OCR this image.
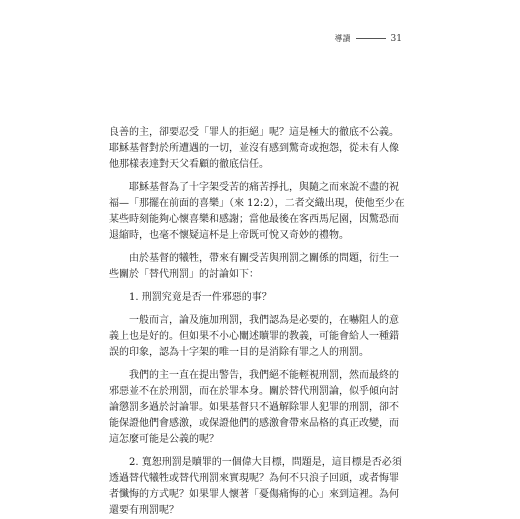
導讀	31

良善的主，卻要忍受「罪人的拒絕」呢？這是極大的徹底不公義。
耶穌基督對於所遭遇的一切，並沒有感到驚奇或抱怨，從未有人像
他那樣表達對天父看顧的徹底信任。

耶穌基督為了十字架受苦的痛苦掙扎，與隨之而來說不盡的祝
福—「那擺在前面的喜樂」（來 12:2），二者交織出現，使他至少在
某些時刻能夠心懷喜樂和感謝；當他最後在客西馬尼園，因驚恐而
退縮時，也毫不懷疑這杯是上帝既可悅又奇妙的禮物。

由於基督的犧牲，帶來有關受苦與刑罰之關係的問題，衍生一
些關於「替代刑罰」的討論如下：

1. 刑罰究竟是否一件邪惡的事？

一般而言，論及施加刑罰，我們認為是必要的，在嚇阻人的意
義上也是好的。但如果不小心闡述贖罪的教義，可能會給人一種錯
誤的印象，認為十字架的唯一目的是消除有罪之人的刑罰。

我們的主一直在提出警告，我們絕不能輕視刑罰，然而最終的
邪惡並不在於刑罰，而在於罪本身。關於替代刑罰論，似乎傾向討
論懲罰多過於討論罪。如果基督只不過解除罪人犯罪的刑罰，卻不
能保證他們會感激，或保證他們的感激會帶來品格的真正改變，而
這怎麼可能是公義的呢？

2. 寬恕刑罰是贖罪的一個偉大目標，問題是，這目標是否必須
透過替代犧牲或替代刑罰來實現呢？為何不只浪子回頭，或者悔罪
者懺悔的方式呢？如果罪人懷著「憂傷痛悔的心」來到這裡。為何
還要有刑罰呢？
